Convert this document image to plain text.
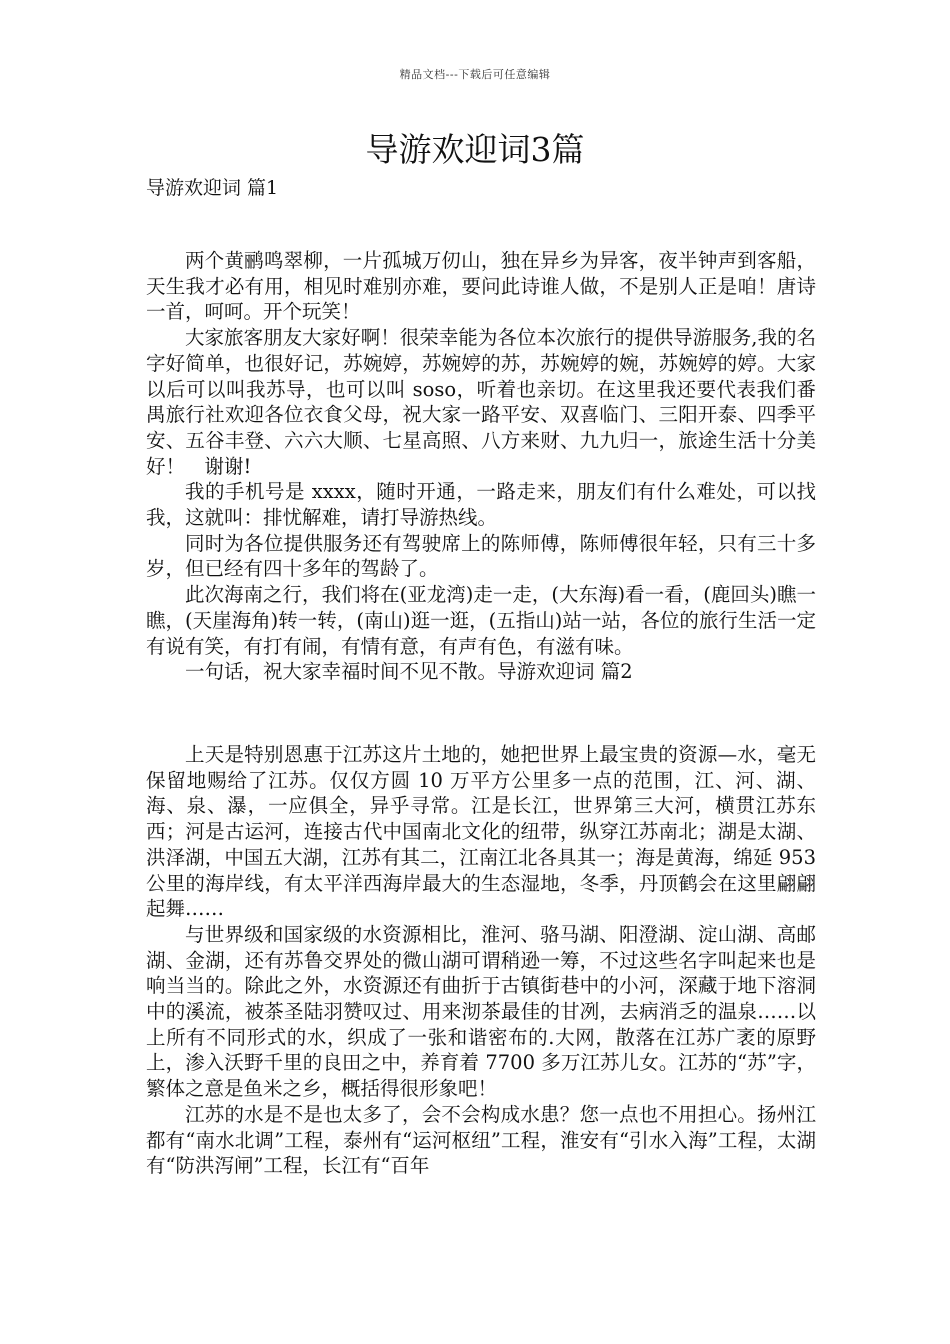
精品文档---下载后可任意编辑
导游欢迎词3篇
导游欢迎词 篇1

两个黄鹂鸣翠柳，一片孤城万仞山，独在异乡为异客，夜半钟声到客船，天生我才必有用，相见时难别亦难，要问此诗谁人做，不是别人正是咱！唐诗一首，呵呵。开个玩笑！

大家旅客朋友大家好啊！很荣幸能为各位本次旅行的提供导游服务,我的名字好简单，也很好记，苏婉婷，苏婉婷的苏，苏婉婷的婉，苏婉婷的婷。大家以后可以叫我苏导，也可以叫 soso，听着也亲切。在这里我还要代表我们番禺旅行社欢迎各位衣食父母，祝大家一路平安、双喜临门、三阳开泰、四季平安、五谷丰登、六六大顺、七星高照、八方来财、九九归一，旅途生活十分美好！　谢谢!

我的手机号是 xxxx，随时开通，一路走来，朋友们有什么难处，可以找我，这就叫：排忧解难，请打导游热线。

同时为各位提供服务还有驾驶席上的陈师傅，陈师傅很年轻，只有三十多岁，但已经有四十多年的驾龄了。

此次海南之行，我们将在(亚龙湾)走一走，(大东海)看一看，(鹿回头)瞧一瞧，(天崖海角)转一转，(南山)逛一逛，(五指山)站一站，各位的旅行生活一定有说有笑，有打有闹，有情有意，有声有色，有滋有味。

一句话，祝大家幸福时间不见不散。导游欢迎词 篇2

上天是特别恩惠于江苏这片土地的，她把世界上最宝贵的资源—水，毫无保留地赐给了江苏。仅仅方圆 10 万平方公里多一点的范围，江、河、湖、海、泉、瀑，一应俱全，异乎寻常。江是长江，世界第三大河，横贯江苏东西；河是古运河，连接古代中国南北文化的纽带，纵穿江苏南北；湖是太湖、洪泽湖，中国五大湖，江苏有其二，江南江北各具其一；海是黄海，绵延 953 公里的海岸线，有太平洋西海岸最大的生态湿地，冬季，丹顶鹤会在这里翩翩起舞……

与世界级和国家级的水资源相比，淮河、骆马湖、阳澄湖、淀山湖、高邮湖、金湖，还有苏鲁交界处的微山湖可谓稍逊一筹，不过这些名字叫起来也是响当当的。除此之外，水资源还有曲折于古镇街巷中的小河，深藏于地下溶洞中的溪流，被茶圣陆羽赞叹过、用来沏茶最佳的甘冽，去病消乏的温泉……以上所有不同形式的水，织成了一张和谐密布的.大网，散落在江苏广袤的原野上，渗入沃野千里的良田之中，养育着 7700 多万江苏儿女。江苏的“苏”字，繁体之意是鱼米之乡，概括得很形象吧！

江苏的水是不是也太多了，会不会构成水患？您一点也不用担心。扬州江都有“南水北调”工程，泰州有“运河枢纽”工程，淮安有“引水入海”工程，太湖有“防洪泻闸”工程，长江有“百年
